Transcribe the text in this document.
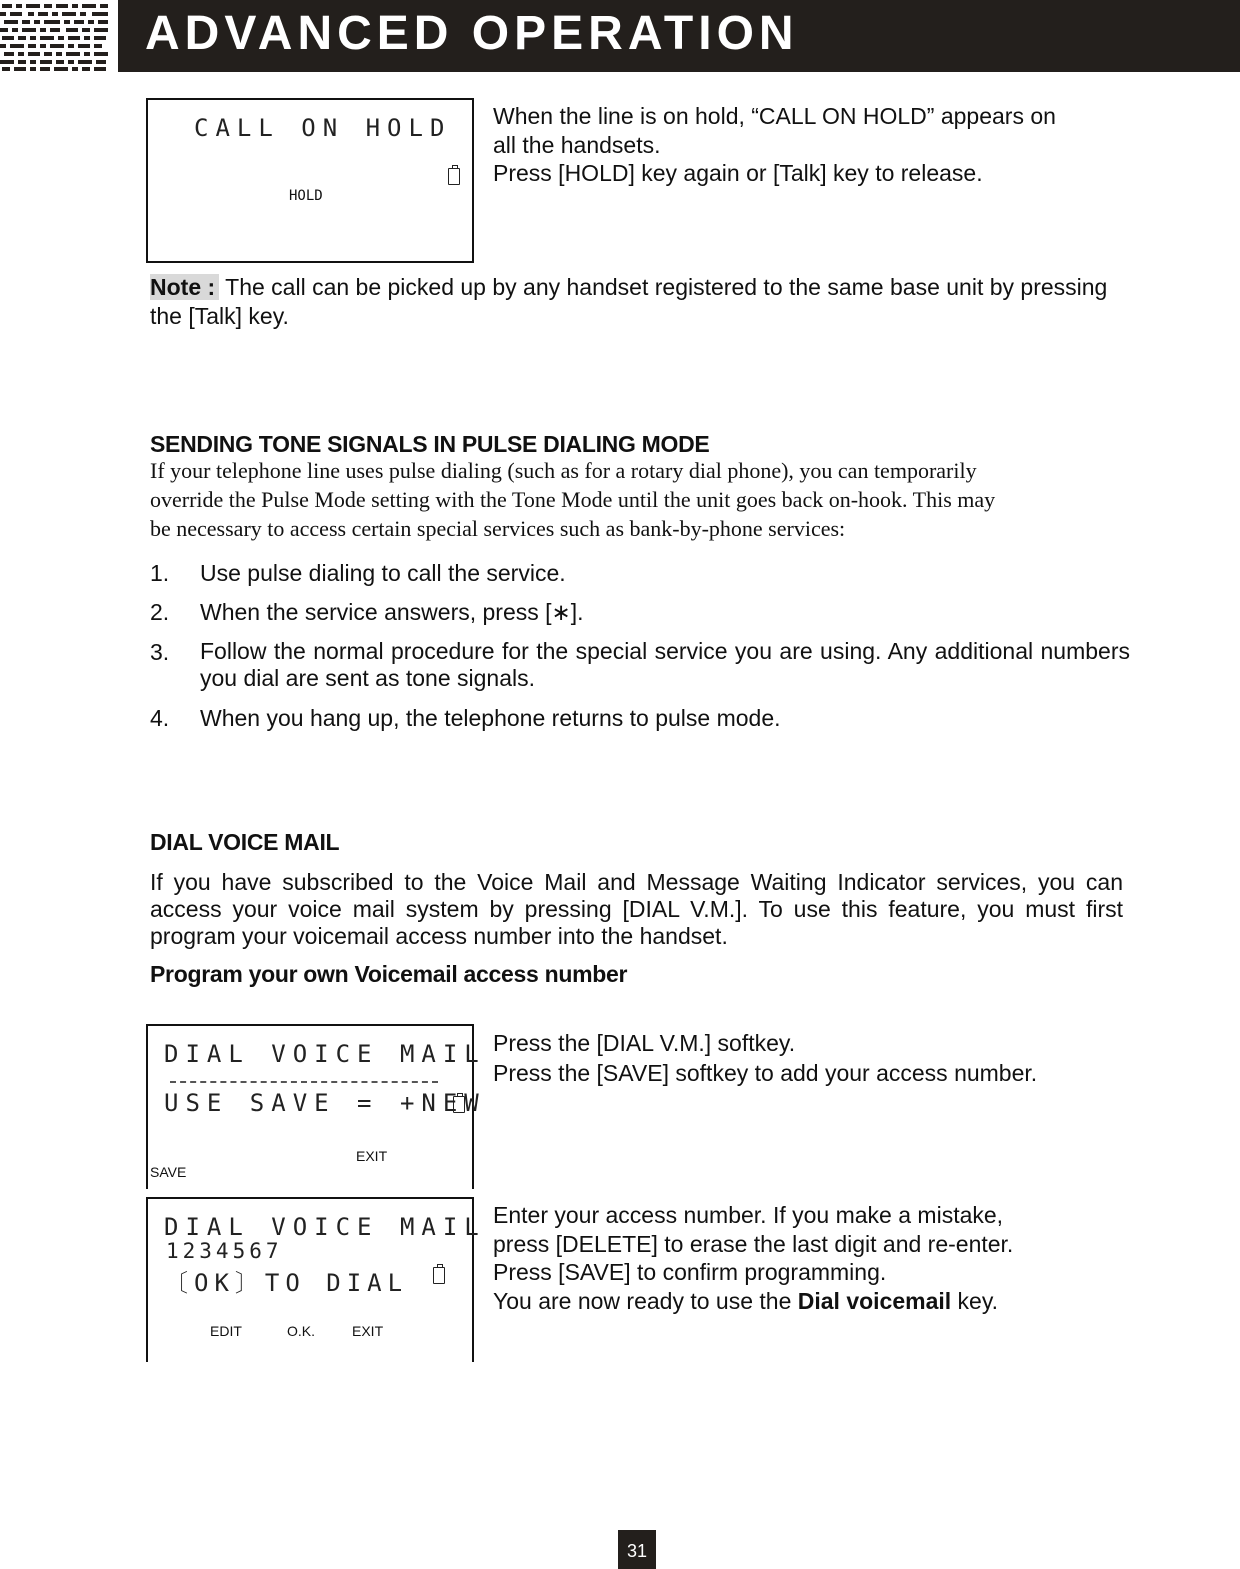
ADVANCED OPERATION
CALL ON HOLD
HOLD
When the line is on hold, “CALL ON HOLD” appears on
all the handsets.
Press [HOLD] key again or [Talk] key to release.
Note : The call can be picked up by any handset registered to the same base unit by pressing the [Talk] key.
SENDING TONE SIGNALS IN PULSE DIALING MODE
If your telephone line uses pulse dialing (such as for a rotary dial phone), you can temporarily
override the Pulse Mode setting with the Tone Mode until the unit goes back on-hook. This may
be necessary to access certain special services such as bank-by-phone services:
1. Use pulse dialing to call the service.
2. When the service answers, press [∗].
3. Follow the normal procedure for the special service you are using. Any additional numbers you dial are sent as tone signals.
4. When you hang up, the telephone returns to pulse mode.
DIAL VOICE MAIL
If you have subscribed to the Voice Mail and Message Waiting Indicator services, you can access your voice mail system by pressing [DIAL V.M.]. To use this feature, you must first program your voicemail access number into the handset.
Program your own Voicemail access number
DIAL VOICE MAIL
USE SAVE = +NEW
EXIT
SAVE
Press the [DIAL V.M.] softkey.
Press the [SAVE] softkey to add your access number.
DIAL VOICE MAIL
1234567
〔OK〕TO DIAL
EDIT	O.K.	EXIT
Enter your access number. If you make a mistake,
press [DELETE] to erase the last digit and re-enter.
Press [SAVE] to confirm programming.
You are now ready to use the Dial voicemail key.
31
